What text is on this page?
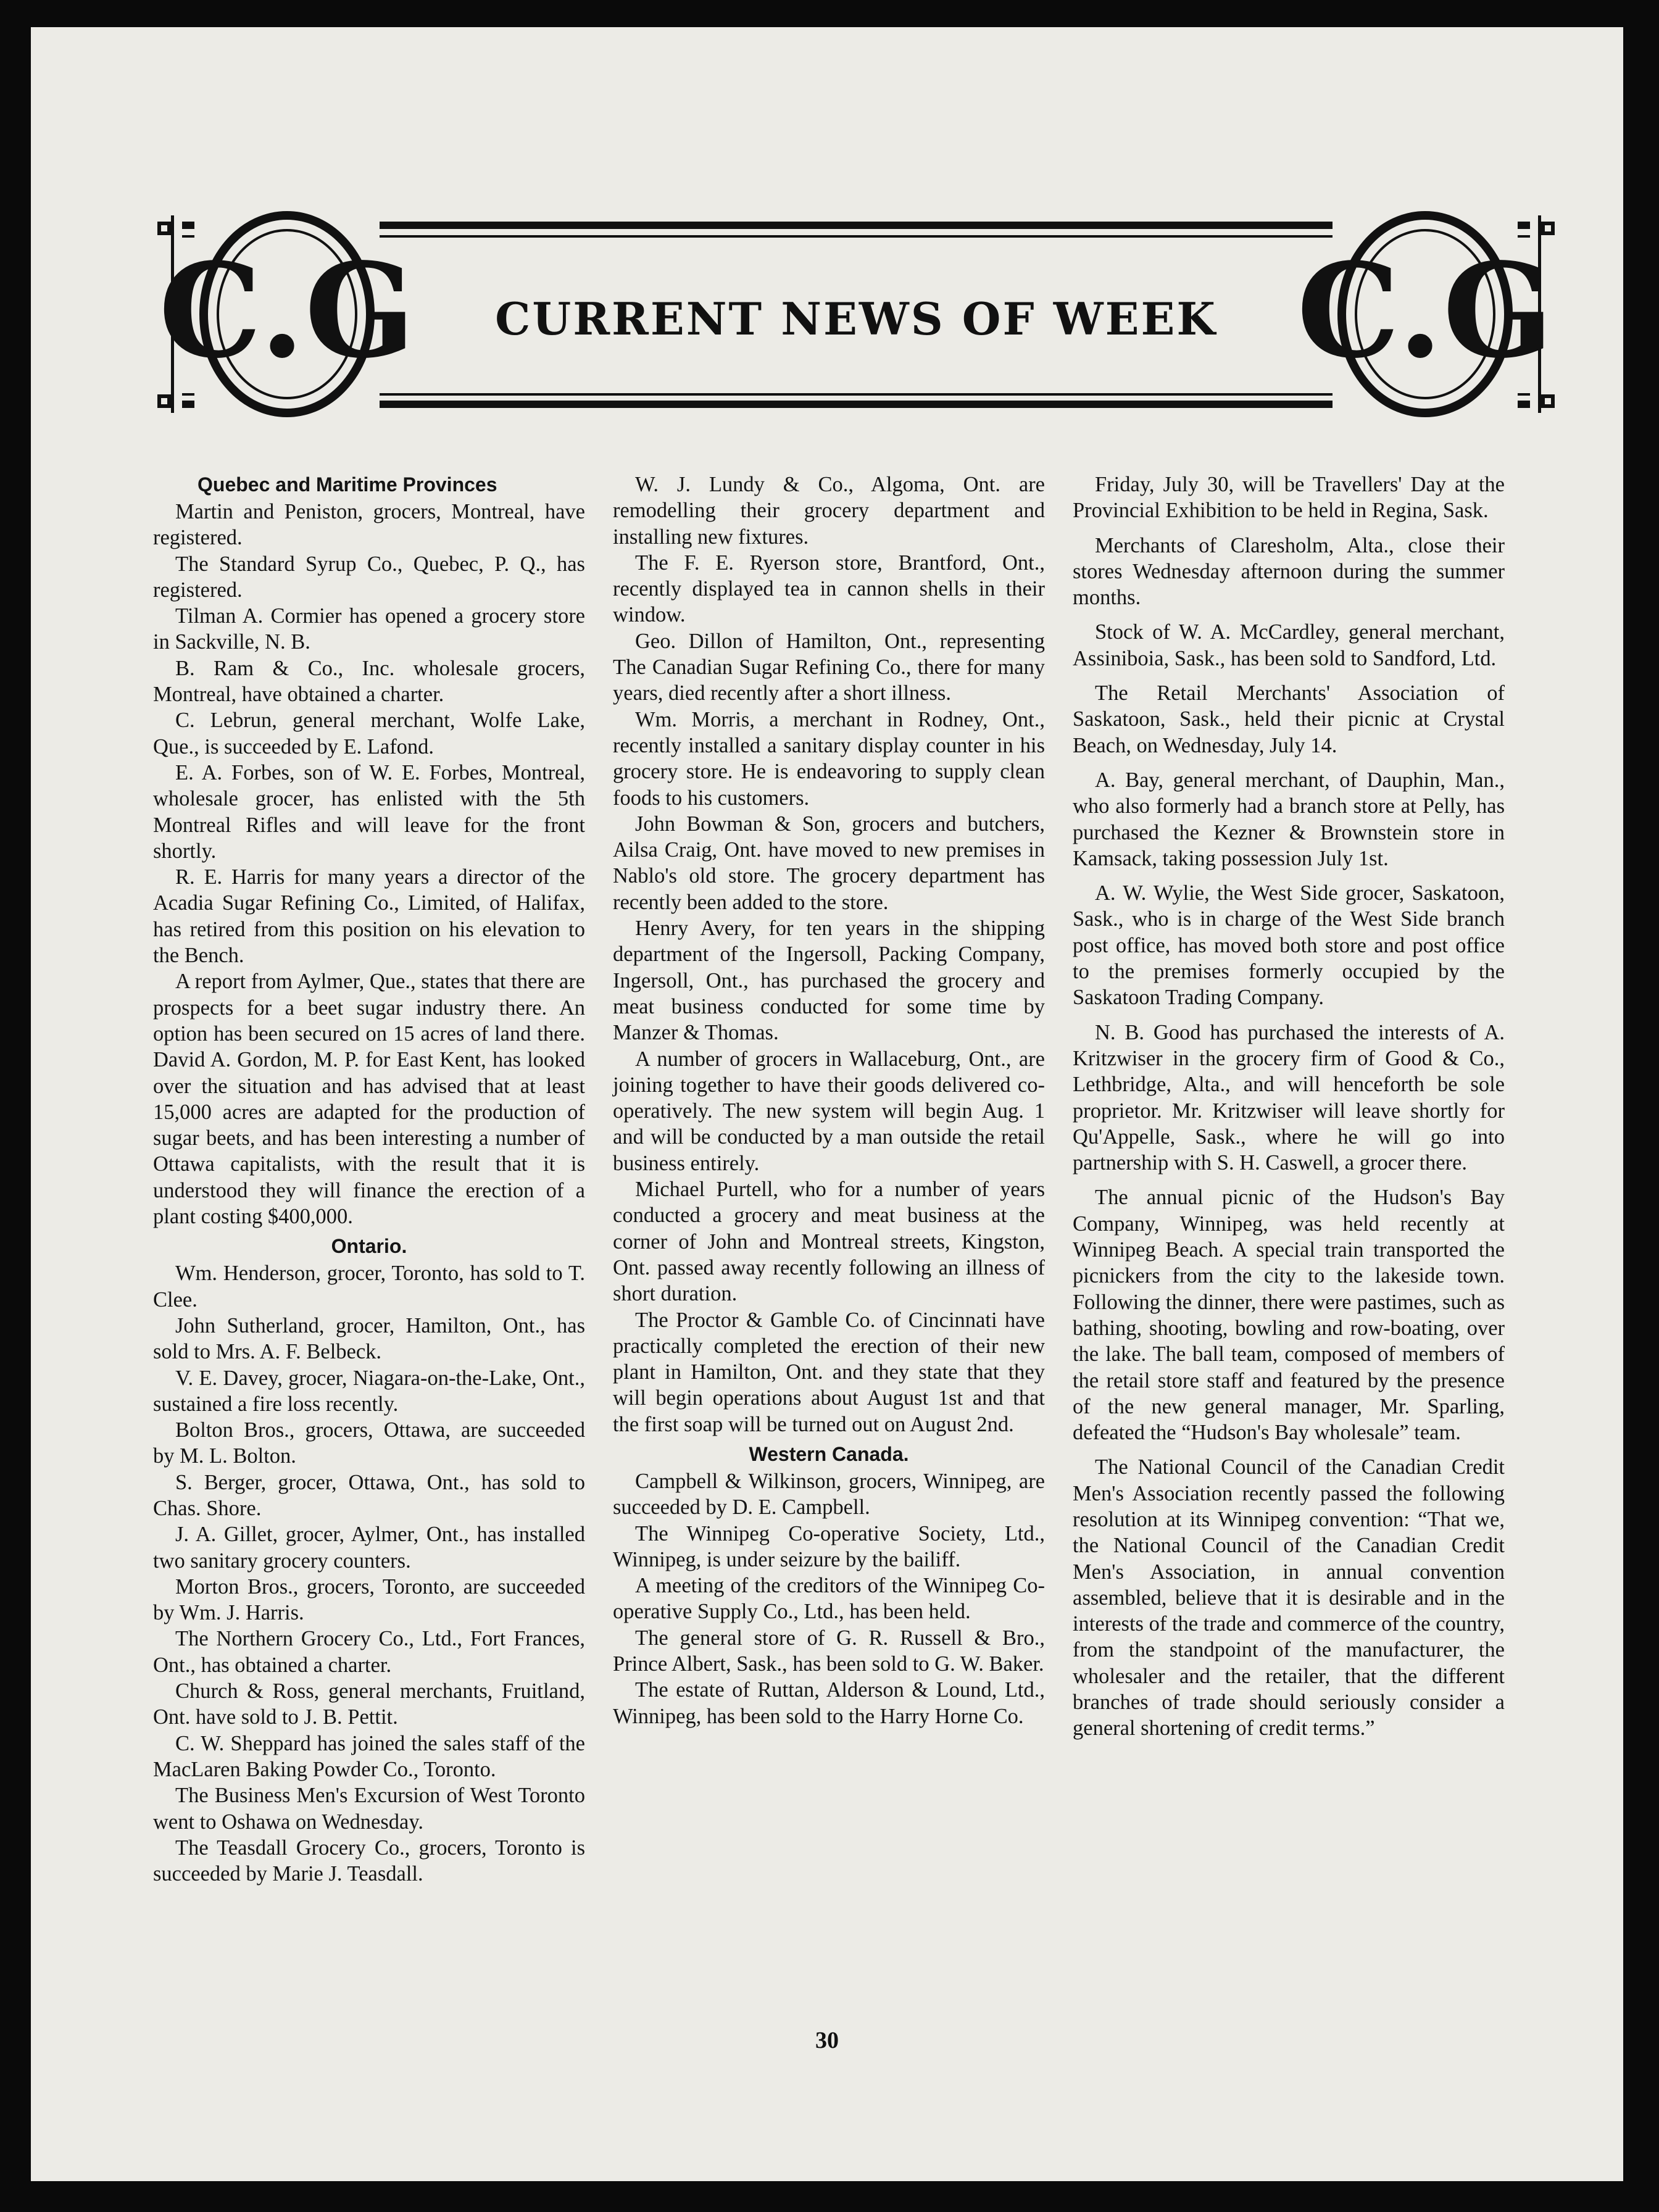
C.G	CURRENT NEWS OF WEEK C.G
Quebec and Maritime Provinces

Martin and Peniston, grocers, Montreal, have registered.

The Standard Syrup Co., Quebec, P. Q., has registered.

Tilman A. Cormier has opened a grocery store in Sackville, N. B.

B. Ram & Co., Inc. wholesale grocers, Montreal, have obtained a charter.

C. Lebrun, general merchant, Wolfe Lake, Que., is succeeded by E. Lafond.

E. A. Forbes, son of W. E. Forbes, Montreal, wholesale grocer, has enlisted with the 5th Montreal Rifles and will leave for the front shortly.

R. E. Harris for many years a director of the Acadia Sugar Refining Co., Limited, of Halifax, has retired from this position on his elevation to the Bench.

A report from Aylmer, Que., states that there are prospects for a beet sugar industry there. An option has been secured on 15 acres of land there. David A. Gordon, M. P. for East Kent, has looked over the situation and has advised that at least 15,000 acres are adapted for the production of sugar beets, and has been interesting a number of Ottawa capitalists, with the result that it is understood they will finance the erection of a plant costing $400,000.

Ontario.

Wm. Henderson, grocer, Toronto, has sold to T. Clee.

John Sutherland, grocer, Hamilton, Ont., has sold to Mrs. A. F. Belbeck.

V. E. Davey, grocer, Niagara-on-the-Lake, Ont., sustained a fire loss recently.

Bolton Bros., grocers, Ottawa, are succeeded by M. L. Bolton.

S. Berger, grocer, Ottawa, Ont., has sold to Chas. Shore.

J. A. Gillet, grocer, Aylmer, Ont., has installed two sanitary grocery counters.

Morton Bros., grocers, Toronto, are succeeded by Wm. J. Harris.

The Northern Grocery Co., Ltd., Fort Frances, Ont., has obtained a charter.

Church & Ross, general merchants, Fruitland, Ont. have sold to J. B. Pettit.

C. W. Sheppard has joined the sales staff of the MacLaren Baking Powder Co., Toronto.

The Business Men's Excursion of West Toronto went to Oshawa on Wednesday.

The Teasdall Grocery Co., grocers, Toronto is succeeded by Marie J. Teasdall.

W. J. Lundy & Co., Algoma, Ont. are remodelling their grocery department and installing new fixtures.

The F. E. Ryerson store, Brantford, Ont., recently displayed tea in cannon shells in their window.

Geo. Dillon of Hamilton, Ont., representing The Canadian Sugar Refining Co., there for many years, died recently after a short illness.

Wm. Morris, a merchant in Rodney, Ont., recently installed a sanitary display counter in his grocery store. He is endeavoring to supply clean foods to his customers.

John Bowman & Son, grocers and butchers, Ailsa Craig, Ont. have moved to new premises in Nablo's old store. The grocery department has recently been added to the store.

Henry Avery, for ten years in the shipping department of the Ingersoll, Packing Company, Ingersoll, Ont., has purchased the grocery and meat business conducted for some time by Manzer & Thomas.

A number of grocers in Wallaceburg, Ont., are joining together to have their goods delivered co-operatively. The new system will begin Aug. 1 and will be conducted by a man outside the retail business entirely.

Michael Purtell, who for a number of years conducted a grocery and meat business at the corner of John and Montreal streets, Kingston, Ont. passed away recently following an illness of short duration.

The Proctor & Gamble Co. of Cincinnati have practically completed the erection of their new plant in Hamilton, Ont. and they state that they will begin operations about August 1st and that the first soap will be turned out on August 2nd.

Western Canada.

Campbell & Wilkinson, grocers, Winnipeg, are succeeded by D. E. Campbell.

The Winnipeg Co-operative Society, Ltd., Winnipeg, is under seizure by the bailiff.

A meeting of the creditors of the Winnipeg Co-operative Supply Co., Ltd., has been held.

The general store of G. R. Russell & Bro., Prince Albert, Sask., has been sold to G. W. Baker.

The estate of Ruttan, Alderson & Lound, Ltd., Winnipeg, has been sold to the Harry Horne Co.

Friday, July 30, will be Travellers' Day at the Provincial Exhibition to be held in Regina, Sask.

Merchants of Claresholm, Alta., close their stores Wednesday afternoon during the summer months.

Stock of W. A. McCardley, general merchant, Assiniboia, Sask., has been sold to Sandford, Ltd.

The Retail Merchants' Association of Saskatoon, Sask., held their picnic at Crystal Beach, on Wednesday, July 14.

A. Bay, general merchant, of Dauphin, Man., who also formerly had a branch store at Pelly, has purchased the Kezner & Brownstein store in Kamsack, taking possession July 1st.

A. W. Wylie, the West Side grocer, Saskatoon, Sask., who is in charge of the West Side branch post office, has moved both store and post office to the premises formerly occupied by the Saskatoon Trading Company.

N. B. Good has purchased the interests of A. Kritzwiser in the grocery firm of Good & Co., Lethbridge, Alta., and will henceforth be sole proprietor. Mr. Kritzwiser will leave shortly for Qu'Appelle, Sask., where he will go into partnership with S. H. Caswell, a grocer there.

The annual picnic of the Hudson's Bay Company, Winnipeg, was held recently at Winnipeg Beach. A special train transported the picnickers from the city to the lakeside town. Following the dinner, there were pastimes, such as bathing, shooting, bowling and row-boating, over the lake. The ball team, composed of members of the retail store staff and featured by the presence of the new general manager, Mr. Sparling, defeated the “Hudson's Bay wholesale” team.

The National Council of the Canadian Credit Men's Association recently passed the following resolution at its Winnipeg convention: “That we, the National Council of the Canadian Credit Men's Association, in annual convention assembled, believe that it is desirable and in the interests of the trade and commerce of the country, from the standpoint of the manufacturer, the wholesaler and the retailer, that the different branches of trade should seriously consider a general shortening of credit terms.”

30
